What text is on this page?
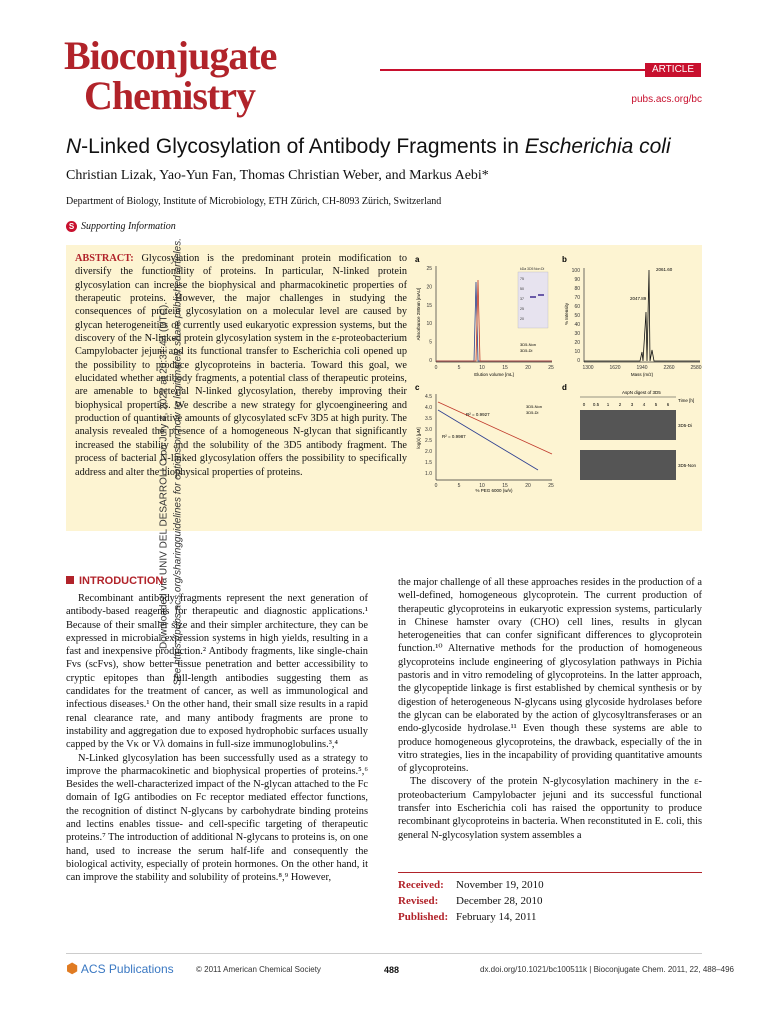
Bioconjugate
Chemistry
ARTICLE
pubs.acs.org/bc
N-Linked Glycosylation of Antibody Fragments in Escherichia coli
Christian Lizak, Yao-Yun Fan, Thomas Christian Weber, and Markus Aebi*
Department of Biology, Institute of Microbiology, ETH Zürich, CH-8093 Zürich, Switzerland
S Supporting Information
ABSTRACT: Glycosylation is the predominant protein modification to diversify the functionality of proteins. In particular, N-linked protein glycosylation can increase the biophysical and pharmacokinetic properties of therapeutic proteins. However, the major challenges in studying the consequences of protein glycosylation on a molecular level are caused by glycan heterogeneities of currently used eukaryotic expression systems, but the discovery of the N-linked protein glycosylation system in the ε-proteobacterium Campylobacter jejuni and its functional transfer to Escherichia coli opened up the possibility to produce glycoproteins in bacteria. Toward this goal, we elucidated whether antibody fragments, a potential class of therapeutic proteins, are amenable to bacterial N-linked glycosylation, thereby improving their biophysical properties. We describe a new strategy for glycoengineering and production of quantitative amounts of glycosylated scFv 3D5 at high purity. The analysis revealed the presence of a homogeneous N-glycan that significantly increased the stability and the solubility of the 3D5 antibody fragment. The process of bacterial N-linked glycosylation offers the possibility to specifically address and alter the biophysical properties of proteins.
a
25
20
15
10
5
0
0	5	10	15	20	25
Absorbance 280nm [mAU]
Elution volume [mL]
kDa 3D5 Non Di
75
50
37
25
20
3D5-Non
3D5-Di
b
100
90
80
70
60
50
40
30
20
10
0
1300	1620	1940	2260	2580
% Intensity
Mass (m/z)
2061.60
2047.89
c
4.5
4.0
3.5
3.0
2.5
2.0
1.5
1.0
0	5	10	15	20	25
log(s) [μM]
% PEG 6000 (w/v)
R² = 0.9927
R² = 0.9987
3D5-Non
3D5-Di
d
AspN digest of 3D5
0 0.5 1 2 3 4 5 6
Time [h]
3D5-Di
3D5-Non
Downloaded via UNIV DEL DESARROLLO on July 4, 2022 at 20:31:44 (UTC). See https://pubs.acs.org/sharingguidelines for options on how to legitimately share published articles.
INTRODUCTION

Recombinant antibody fragments represent the next generation of antibody-based reagents for therapeutic and diagnostic applications.¹ Because of their smaller size and their simpler architecture, they can be expressed in microbial expression systems in high yields, resulting in a fast and inexpensive production.² Antibody fragments, like single-chain Fvs (scFvs), show better tissue penetration and better accessibility to cryptic epitopes than full-length antibodies suggesting them as candidates for the treatment of cancer, as well as immunological and infectious diseases.¹ On the other hand, their small size results in a rapid renal clearance rate, and many antibody fragments are prone to instability and aggregation due to exposed hydrophobic surfaces usually capped by the Vκ or Vλ domains in full-size immunoglobulins.³,⁴

N-Linked glycosylation has been successfully used as a strategy to improve the pharmacokinetic and biophysical properties of proteins.⁵,⁶ Besides the well-characterized impact of the N-glycan attached to the Fc domain of IgG antibodies on Fc receptor mediated effector functions, the recognition of distinct N-glycans by carbohydrate binding proteins and lectins enables tissue- and cell-specific targeting of therapeutic proteins.⁷ The introduction of additional N-glycans to proteins is, on one hand, used to increase the serum half-life and consequently the biological activity, especially of protein hormones. On the other hand, it can improve the stability and solubility of proteins.⁸,⁹ However,

the major challenge of all these approaches resides in the production of a well-defined, homogeneous glycoprotein. The current production of therapeutic glycoproteins in eukaryotic expression systems, particularly in Chinese hamster ovary (CHO) cell lines, results in glycan heterogeneities that can confer significant differences to glycoprotein function.¹⁰ Alternative methods for the production of homogeneous glycoproteins include engineering of glycosylation pathways in Pichia pastoris and in vitro remodeling of glycoproteins. In the latter approach, the glycopeptide linkage is first established by chemical synthesis or by digestion of heterogeneous N-glycans using glycoside hydrolases before the glycan can be elaborated by the action of glycosyltransferases or an endo-glycoside hydrolase.¹¹ Even though these systems are able to produce homogeneous glycoproteins, the drawback, especially of the in vitro strategies, lies in the incapability of providing quantitative amounts of glycoproteins.

The discovery of the protein N-glycosylation machinery in the ε-proteobacterium Campylobacter jejuni and its successful functional transfer into Escherichia coli has raised the opportunity to produce recombinant glycoproteins in bacteria. When reconstituted in E. coli, this general N-glycosylation system assembles a

Received: November 19, 2010
Revised: December 28, 2010
Published: February 14, 2011
⬢ ACS Publications	© 2011 American Chemical Society	488	dx.doi.org/10.1021/bc100511k | Bioconjugate Chem. 2011, 22, 488–496
